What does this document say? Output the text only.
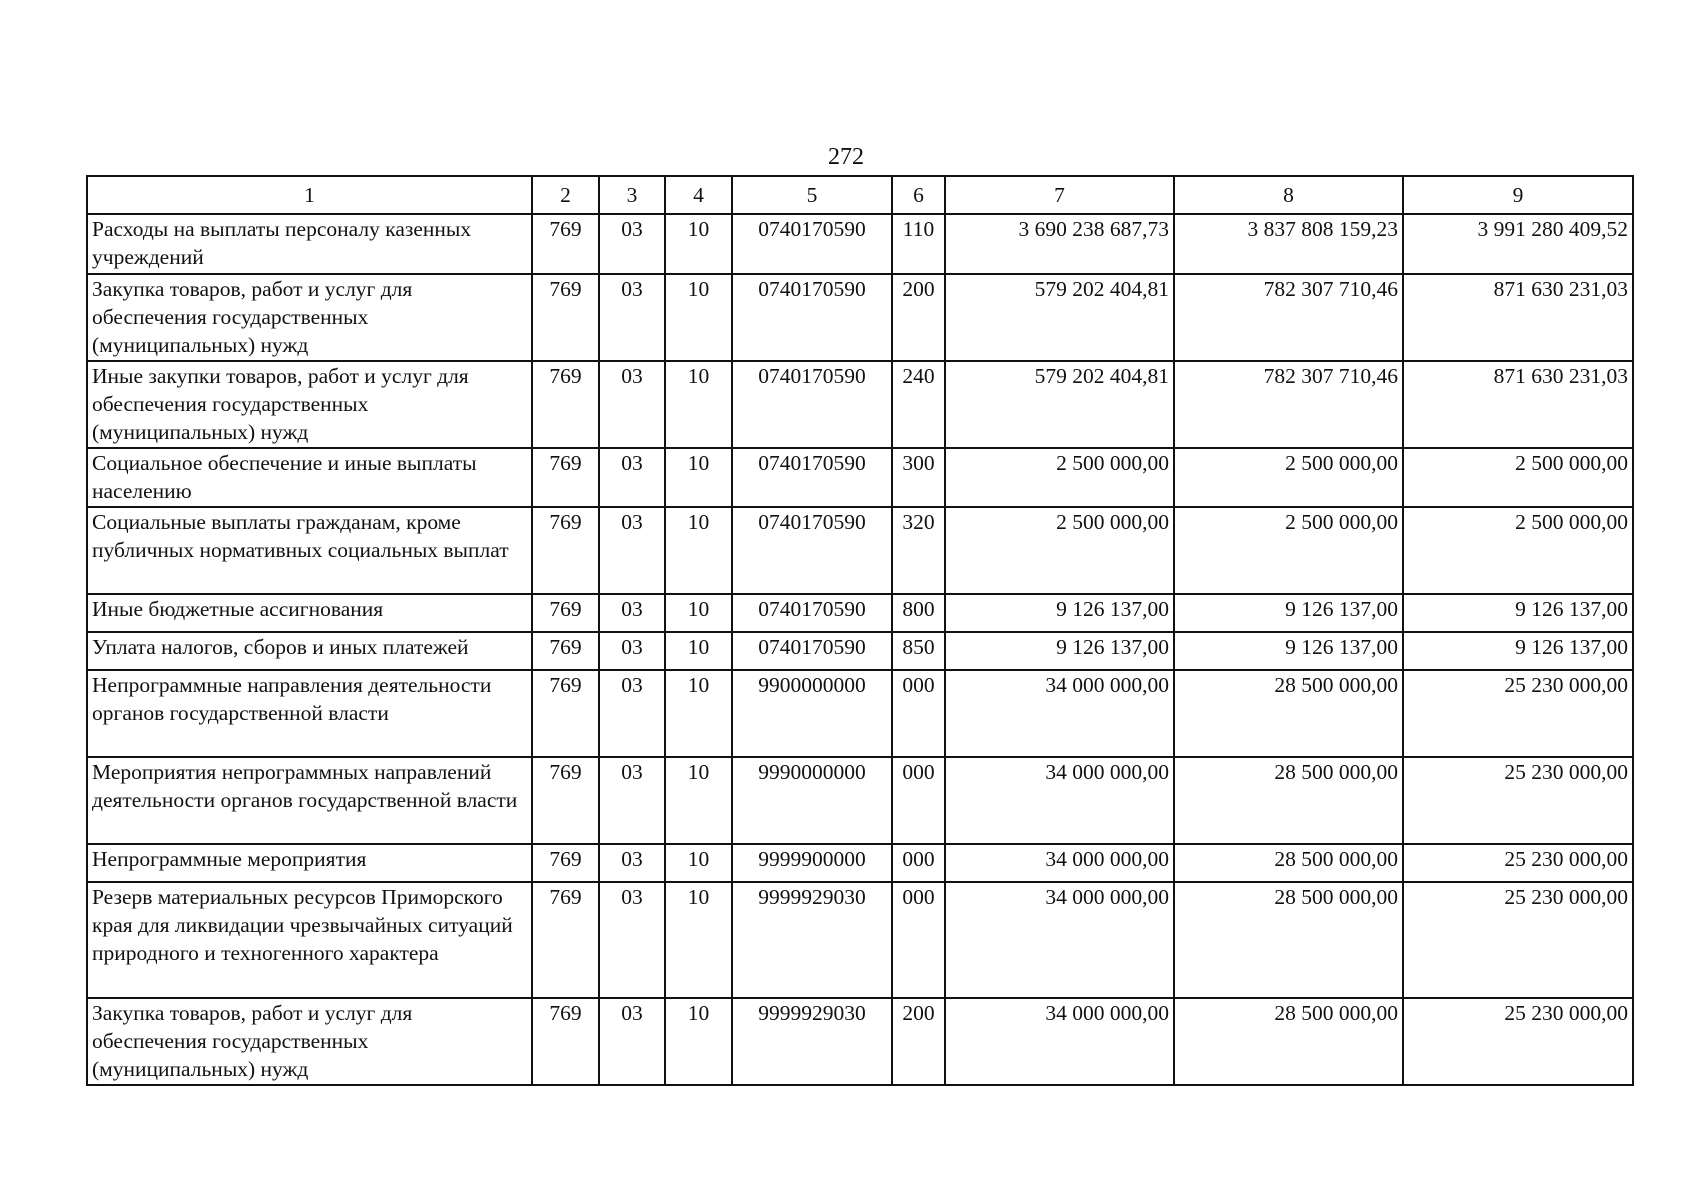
272
1	2	3	4	5	6	7	8	9
Расходы на выплаты персоналу казенных учреждений	769	03	10	0740170590	110	3 690 238 687,73	3 837 808 159,23	3 991 280 409,52
Закупка товаров, работ и услуг для обеспечения государственных (муниципальных) нужд	769	03	10	0740170590	200	579 202 404,81	782 307 710,46	871 630 231,03
Иные закупки товаров, работ и услуг для обеспечения государственных (муниципальных) нужд	769	03	10	0740170590	240	579 202 404,81	782 307 710,46	871 630 231,03
Социальное обеспечение и иные выплаты населению	769	03	10	0740170590	300	2 500 000,00	2 500 000,00	2 500 000,00
Социальные выплаты гражданам, кроме публичных нормативных социальных выплат	769	03	10	0740170590	320	2 500 000,00	2 500 000,00	2 500 000,00
Иные бюджетные ассигнования	769	03	10	0740170590	800	9 126 137,00	9 126 137,00	9 126 137,00
Уплата налогов, сборов и иных платежей	769	03	10	0740170590	850	9 126 137,00	9 126 137,00	9 126 137,00
Непрограммные направления деятельности органов государственной власти	769	03	10	9900000000	000	34 000 000,00	28 500 000,00	25 230 000,00
Мероприятия непрограммных направлений деятельности органов государственной власти	769	03	10	9990000000	000	34 000 000,00	28 500 000,00	25 230 000,00
Непрограммные мероприятия	769	03	10	9999900000	000	34 000 000,00	28 500 000,00	25 230 000,00
Резерв материальных ресурсов Приморского края для ликвидации чрезвычайных ситуаций природного и техногенного характера	769	03	10	9999929030	000	34 000 000,00	28 500 000,00	25 230 000,00
Закупка товаров, работ и услуг для обеспечения государственных (муниципальных) нужд	769	03	10	9999929030	200	34 000 000,00	28 500 000,00	25 230 000,00
